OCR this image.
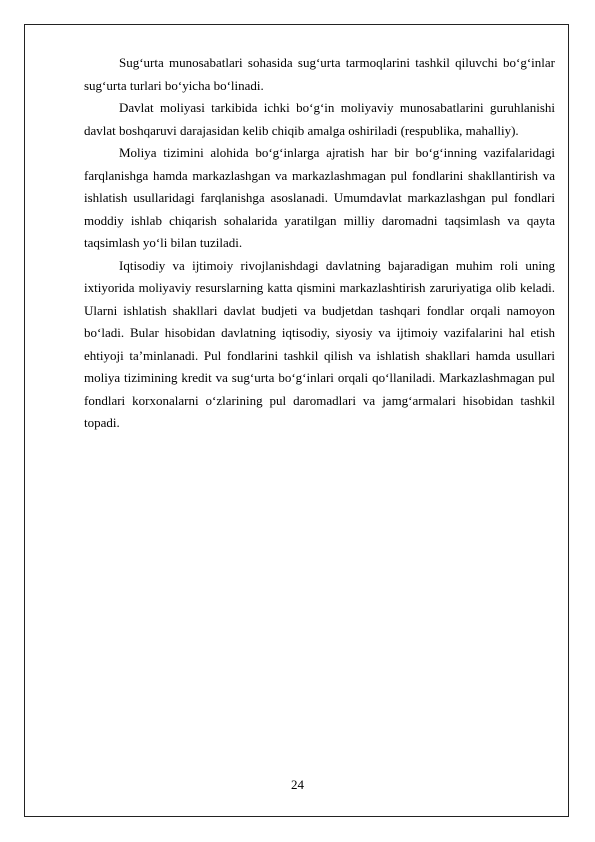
Sug‘urta munosabatlari sohasida sug‘urta tarmoqlarini tashkil qiluvchi bo‘g‘inlar sug‘urta turlari bo‘yicha bo‘linadi.

Davlat moliyasi tarkibida ichki bo‘g‘in moliyaviy munosabatlarini guruhlanishi davlat boshqaruvi darajasidan kelib chiqib amalga oshiriladi (respublika, mahalliy).

Moliya tizimini alohida bo‘g‘inlarga ajratish har bir bo‘g‘inning vazifalaridagi farqlanishga hamda markazlashgan va markazlashmagan pul fondlarini shakllantirish va ishlatish usullaridagi farqlanishga asoslanadi. Umumdavlat markazlashgan pul fondlari moddiy ishlab chiqarish sohalarida yaratilgan milliy daromadni taqsimlash va qayta taqsimlash yo‘li bilan tuziladi.

Iqtisodiy va ijtimoiy rivojlanishdagi davlatning bajaradigan muhim roli uning ixtiyorida moliyaviy resurslarning katta qismini markazlashtirish zaruriyatiga olib keladi. Ularni ishlatish shakllari davlat budjeti va budjetdan tashqari fondlar orqali namoyon bo‘ladi. Bular hisobidan davlatning iqtisodiy, siyosiy va ijtimoiy vazifalarini hal etish ehtiyoji ta’minlanadi. Pul fondlarini tashkil qilish va ishlatish shakllari hamda usullari moliya tizimining kredit va sug‘urta bo‘g‘inlari orqali qo‘llaniladi. Markazlashmagan pul fondlari korxonalarni o‘zlarining pul daromadlari va jamg‘armalari hisobidan tashkil topadi.

24
